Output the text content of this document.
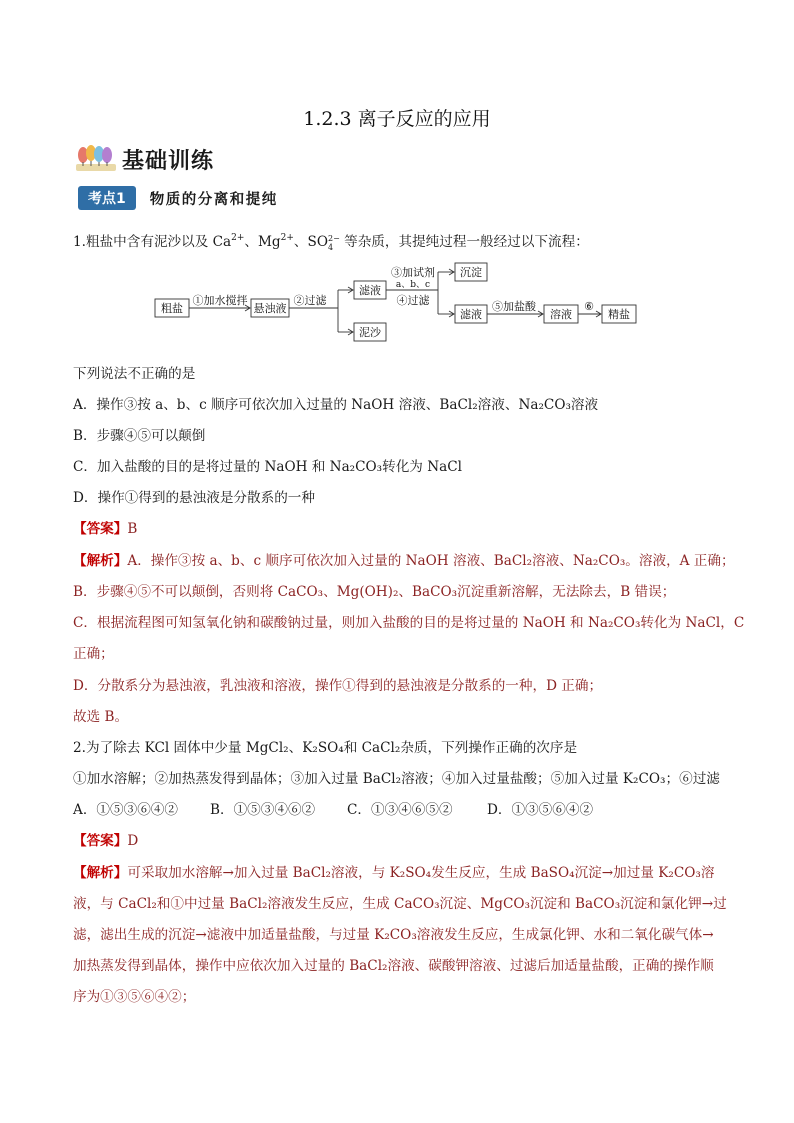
1.2.3 离子反应的应用
基础训练
考点1	物质的分离和提纯
1.粗盐中含有泥沙以及 $Ca^{2+}$、$Mg^{2+}$、SO 2−
4 等杂质，其提纯过程一般经过以下流程：
粗盐
①加水搅拌
悬浊液
②过滤
滤液
泥沙
③加试剂
a、b、c
④过滤
沉淀
滤液
⑤加盐酸
溶液
⑥
精盐
下列说法不正确的是
A．操作③按 a、b、c 顺序可依次加入过量的 NaOH 溶液、BaCl₂溶液、Na₂CO₃溶液
B．步骤④⑤可以颠倒
C．加入盐酸的目的是将过量的 NaOH 和 Na₂CO₃转化为 NaCl
D．操作①得到的悬浊液是分散系的一种
【答案】B
【解析】A．操作③按 a、b、c 顺序可依次加入过量的 NaOH 溶液、BaCl₂溶液、Na₂CO₃。溶液，A 正确；
B．步骤④⑤不可以颠倒，否则将 CaCO₃、Mg(OH)₂、BaCO₃沉淀重新溶解，无法除去，B 错误；
C．根据流程图可知氢氧化钠和碳酸钠过量，则加入盐酸的目的是将过量的 NaOH 和 Na₂CO₃转化为 NaCl，C
正确；
D．分散系分为悬浊液，乳浊液和溶液，操作①得到的悬浊液是分散系的一种，D 正确；
故选 B。
2.为了除去 KCl 固体中少量 MgCl₂、K₂SO₄和 CaCl₂杂质，下列操作正确的次序是
①加水溶解；②加热蒸发得到晶体；③加入过量 BaCl₂溶液；④加入过量盐酸；⑤加入过量 K₂CO₃；⑥过滤
A．①⑤③⑥④② B．①⑤③④⑥② C．①③④⑥⑤②	D．①③⑤⑥④②
【答案】D
【解析】可采取加水溶解→加入过量 BaCl₂溶液，与 K₂SO₄发生反应，生成 BaSO₄沉淀→加过量 K₂CO₃溶
液，与 CaCl₂和①中过量 BaCl₂溶液发生反应，生成 CaCO₃沉淀、MgCO₃沉淀和 BaCO₃沉淀和氯化钾→过
滤，滤出生成的沉淀→滤液中加适量盐酸，与过量 K₂CO₃溶液发生反应，生成氯化钾、水和二氧化碳气体→
加热蒸发得到晶体，操作中应依次加入过量的 BaCl₂溶液、碳酸钾溶液、过滤后加适量盐酸，正确的操作顺
序为①③⑤⑥④②；
